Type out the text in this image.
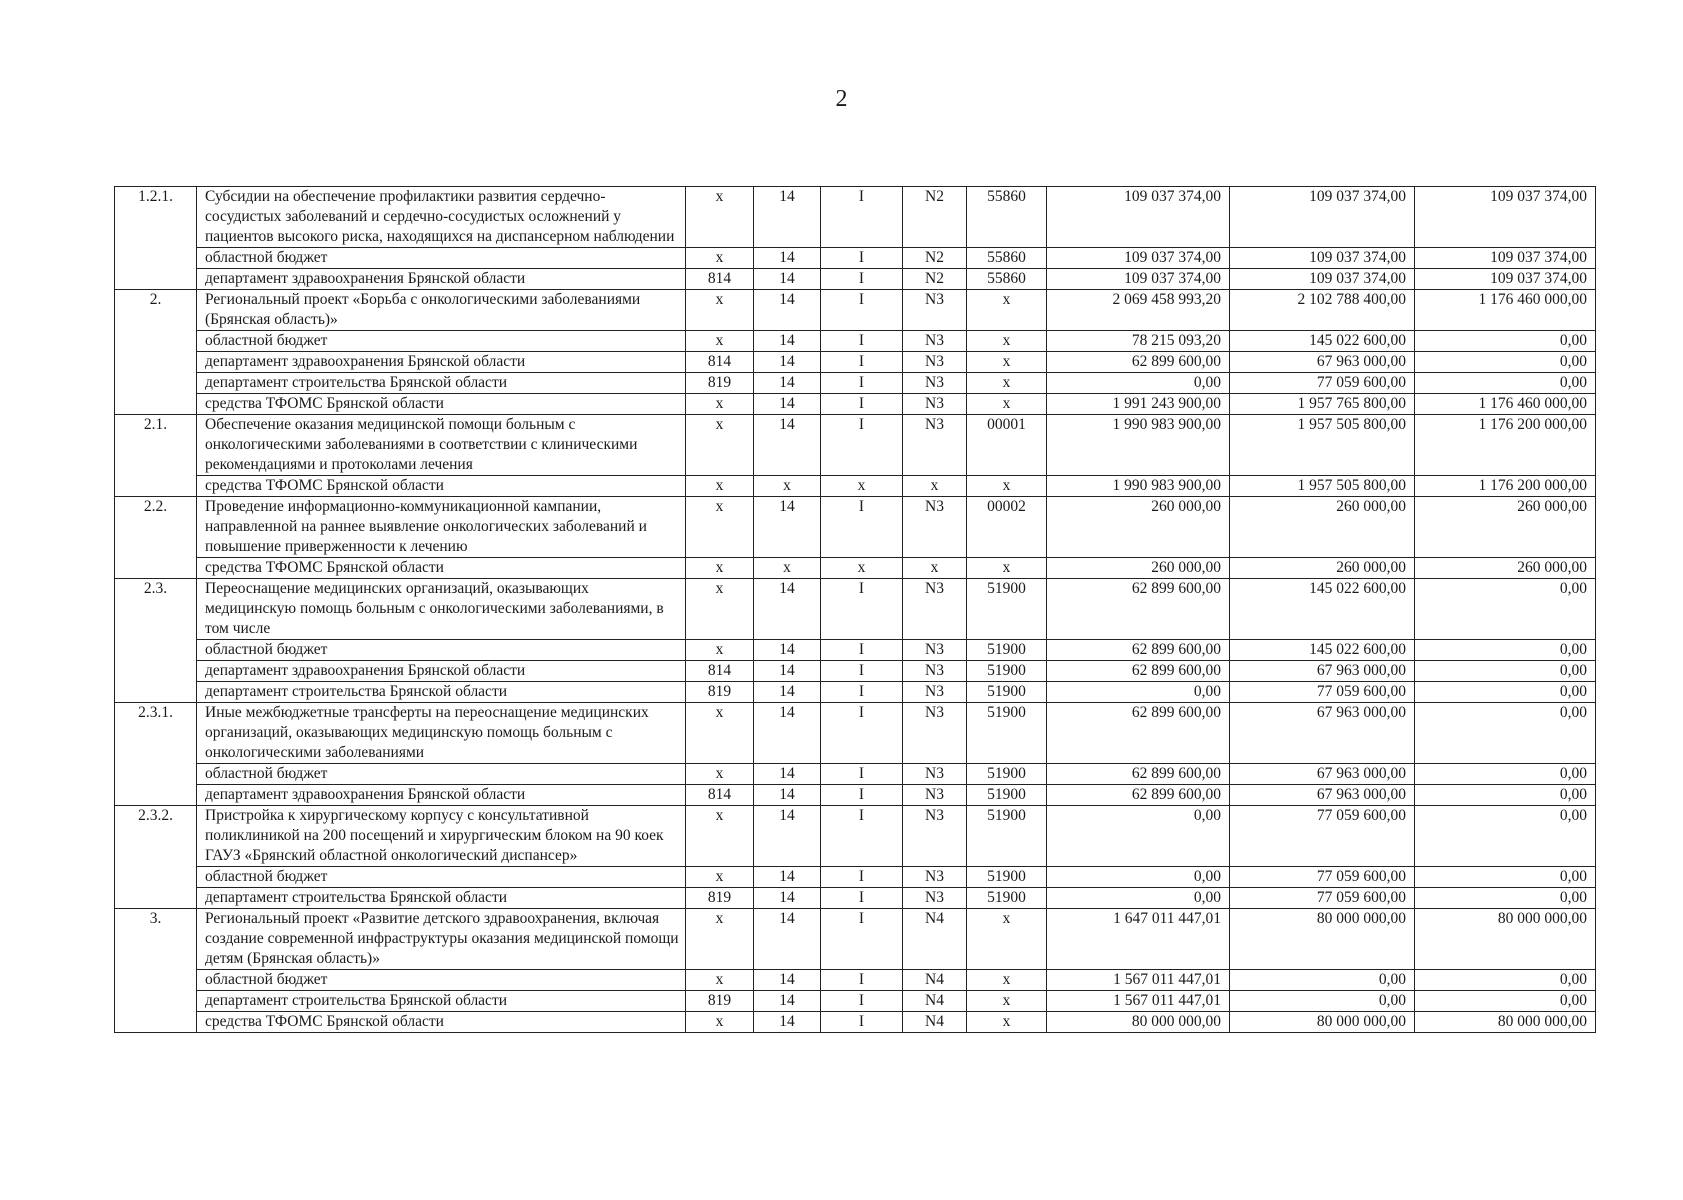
2
1.2.1.	Субсидии на обеспечение профилактики развития сердечно-сосудистых заболеваний и сердечно-сосудистых осложнений у пациентов высокого риска, находящихся на диспансерном наблюдении	х	14	I	N2	55860	109 037 374,00	109 037 374,00	109 037 374,00
	областной бюджет	х	14	I	N2	55860	109 037 374,00	109 037 374,00	109 037 374,00
	департамент здравоохранения Брянской области	814	14	I	N2	55860	109 037 374,00	109 037 374,00	109 037 374,00
2.	Региональный проект «Борьба с онкологическими заболеваниями (Брянская область)»	х	14	I	N3	х	2 069 458 993,20	2 102 788 400,00	1 176 460 000,00
	областной бюджет	х	14	I	N3	х	78 215 093,20	145 022 600,00	0,00
	департамент здравоохранения Брянской области	814	14	I	N3	х	62 899 600,00	67 963 000,00	0,00
	департамент строительства Брянской области	819	14	I	N3	х	0,00	77 059 600,00	0,00
	средства ТФОМС Брянской области	х	14	I	N3	х	1 991 243 900,00	1 957 765 800,00	1 176 460 000,00
2.1.	Обеспечение оказания медицинской помощи больным с онкологическими заболеваниями в соответствии с клиническими рекомендациями и протоколами лечения	х	14	I	N3	00001	1 990 983 900,00	1 957 505 800,00	1 176 200 000,00
	средства ТФОМС Брянской области	х	х	х	х	х	1 990 983 900,00	1 957 505 800,00	1 176 200 000,00
2.2.	Проведение информационно-коммуникационной кампании, направленной на раннее выявление онкологических заболеваний и повышение приверженности к лечению	х	14	I	N3	00002	260 000,00	260 000,00	260 000,00
	средства ТФОМС Брянской области	х	х	х	х	х	260 000,00	260 000,00	260 000,00
2.3.	Переоснащение медицинских организаций, оказывающих медицинскую помощь больным с онкологическими заболеваниями, в том числе	х	14	I	N3	51900	62 899 600,00	145 022 600,00	0,00
	областной бюджет	х	14	I	N3	51900	62 899 600,00	145 022 600,00	0,00
	департамент здравоохранения Брянской области	814	14	I	N3	51900	62 899 600,00	67 963 000,00	0,00
	департамент строительства Брянской области	819	14	I	N3	51900	0,00	77 059 600,00	0,00
2.3.1.	Иные межбюджетные трансферты на переоснащение медицинских организаций, оказывающих медицинскую помощь больным с онкологическими заболеваниями	х	14	I	N3	51900	62 899 600,00	67 963 000,00	0,00
	областной бюджет	х	14	I	N3	51900	62 899 600,00	67 963 000,00	0,00
	департамент здравоохранения Брянской области	814	14	I	N3	51900	62 899 600,00	67 963 000,00	0,00
2.3.2.	Пристройка к хирургическому корпусу с консультативной поликлиникой на 200 посещений и хирургическим блоком на 90 коек ГАУЗ «Брянский областной онкологический диспансер»	х	14	I	N3	51900	0,00	77 059 600,00	0,00
	областной бюджет	х	14	I	N3	51900	0,00	77 059 600,00	0,00
	департамент строительства Брянской области	819	14	I	N3	51900	0,00	77 059 600,00	0,00
3.	Региональный проект «Развитие детского здравоохранения, включая создание современной инфраструктуры оказания медицинской помощи детям (Брянская область)»	х	14	I	N4	х	1 647 011 447,01	80 000 000,00	80 000 000,00
	областной бюджет	х	14	I	N4	х	1 567 011 447,01	0,00	0,00
	департамент строительства Брянской области	819	14	I	N4	х	1 567 011 447,01	0,00	0,00
	средства ТФОМС Брянской области	х	14	I	N4	х	80 000 000,00	80 000 000,00	80 000 000,00
